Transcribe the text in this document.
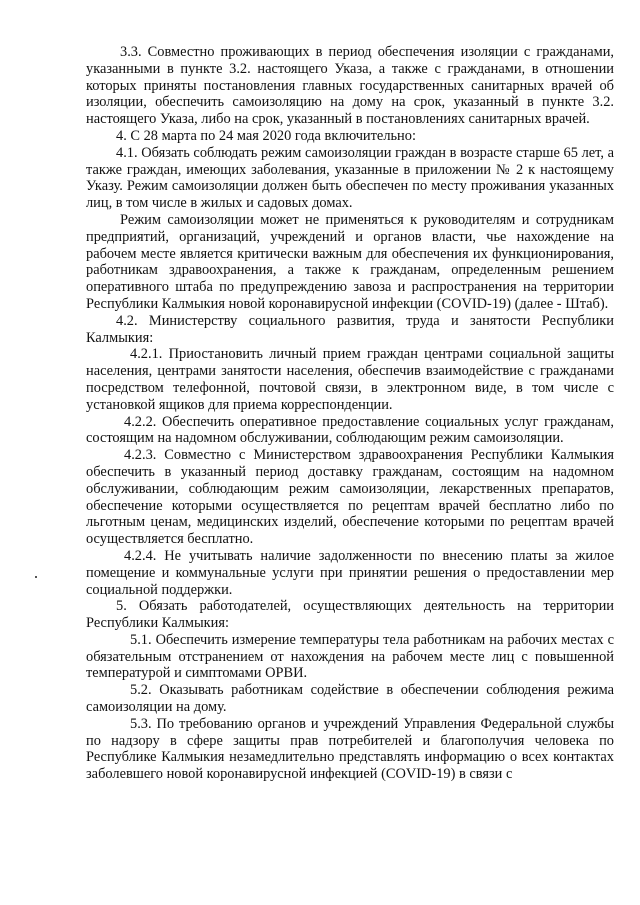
3.3. Совместно проживающих в период обеспечения изоляции с гражданами, указанными в пункте 3.2. настоящего Указа, а также с гражданами, в отношении которых приняты постановления главных государственных санитарных врачей об изоляции, обеспечить самоизоляцию на дому на срок, указанный в пункте 3.2. настоящего Указа, либо на срок, указанный в постановлениях санитарных врачей.

4. С 28 марта по 24 мая 2020 года включительно:

4.1. Обязать соблюдать режим самоизоляции граждан в возрасте старше 65 лет, а также граждан, имеющих заболевания, указанные в приложении № 2 к настоящему Указу. Режим самоизоляции должен быть обеспечен по месту проживания указанных лиц, в том числе в жилых и садовых домах.

Режим самоизоляции может не применяться к руководителям и сотрудникам предприятий, организаций, учреждений и органов власти, чье нахождение на рабочем месте является критически важным для обеспечения их функционирования, работникам здравоохранения, а также к гражданам, определенным решением оперативного штаба по предупреждению завоза и распространения на территории Республики Калмыкия новой коронавирусной инфекции (COVID-19) (далее - Штаб).

4.2. Министерству социального развития, труда и занятости Республики Калмыкия:

4.2.1. Приостановить личный прием граждан центрами социальной защиты населения, центрами занятости населения, обеспечив взаимодействие с гражданами посредством телефонной, почтовой связи, в электронном виде, в том числе с установкой ящиков для приема корреспонденции.

4.2.2. Обеспечить оперативное предоставление социальных услуг гражданам, состоящим на надомном обслуживании, соблюдающим режим самоизоляции.

4.2.3. Совместно с Министерством здравоохранения Республики Калмыкия обеспечить в указанный период доставку гражданам, состоящим на надомном обслуживании, соблюдающим режим самоизоляции, лекарственных препаратов, обеспечение которыми осуществляется по рецептам врачей бесплатно либо по льготным ценам, медицинских изделий, обеспечение которыми по рецептам врачей осуществляется бесплатно.

4.2.4. Не учитывать наличие задолженности по внесению платы за жилое помещение и коммунальные услуги при принятии решения о предоставлении мер социальной поддержки.

5. Обязать работодателей, осуществляющих деятельность на территории Республики Калмыкия:

5.1. Обеспечить измерение температуры тела работникам на рабочих местах с обязательным отстранением от нахождения на рабочем месте лиц с повышенной температурой и симптомами ОРВИ.

5.2. Оказывать работникам содействие в обеспечении соблюдения режима самоизоляции на дому.

5.3. По требованию органов и учреждений Управления Федеральной службы по надзору в сфере защиты прав потребителей и благополучия человека по Республике Калмыкия незамедлительно представлять информацию о всех контактах заболевшего новой коронавирусной инфекцией (COVID-19) в связи с
